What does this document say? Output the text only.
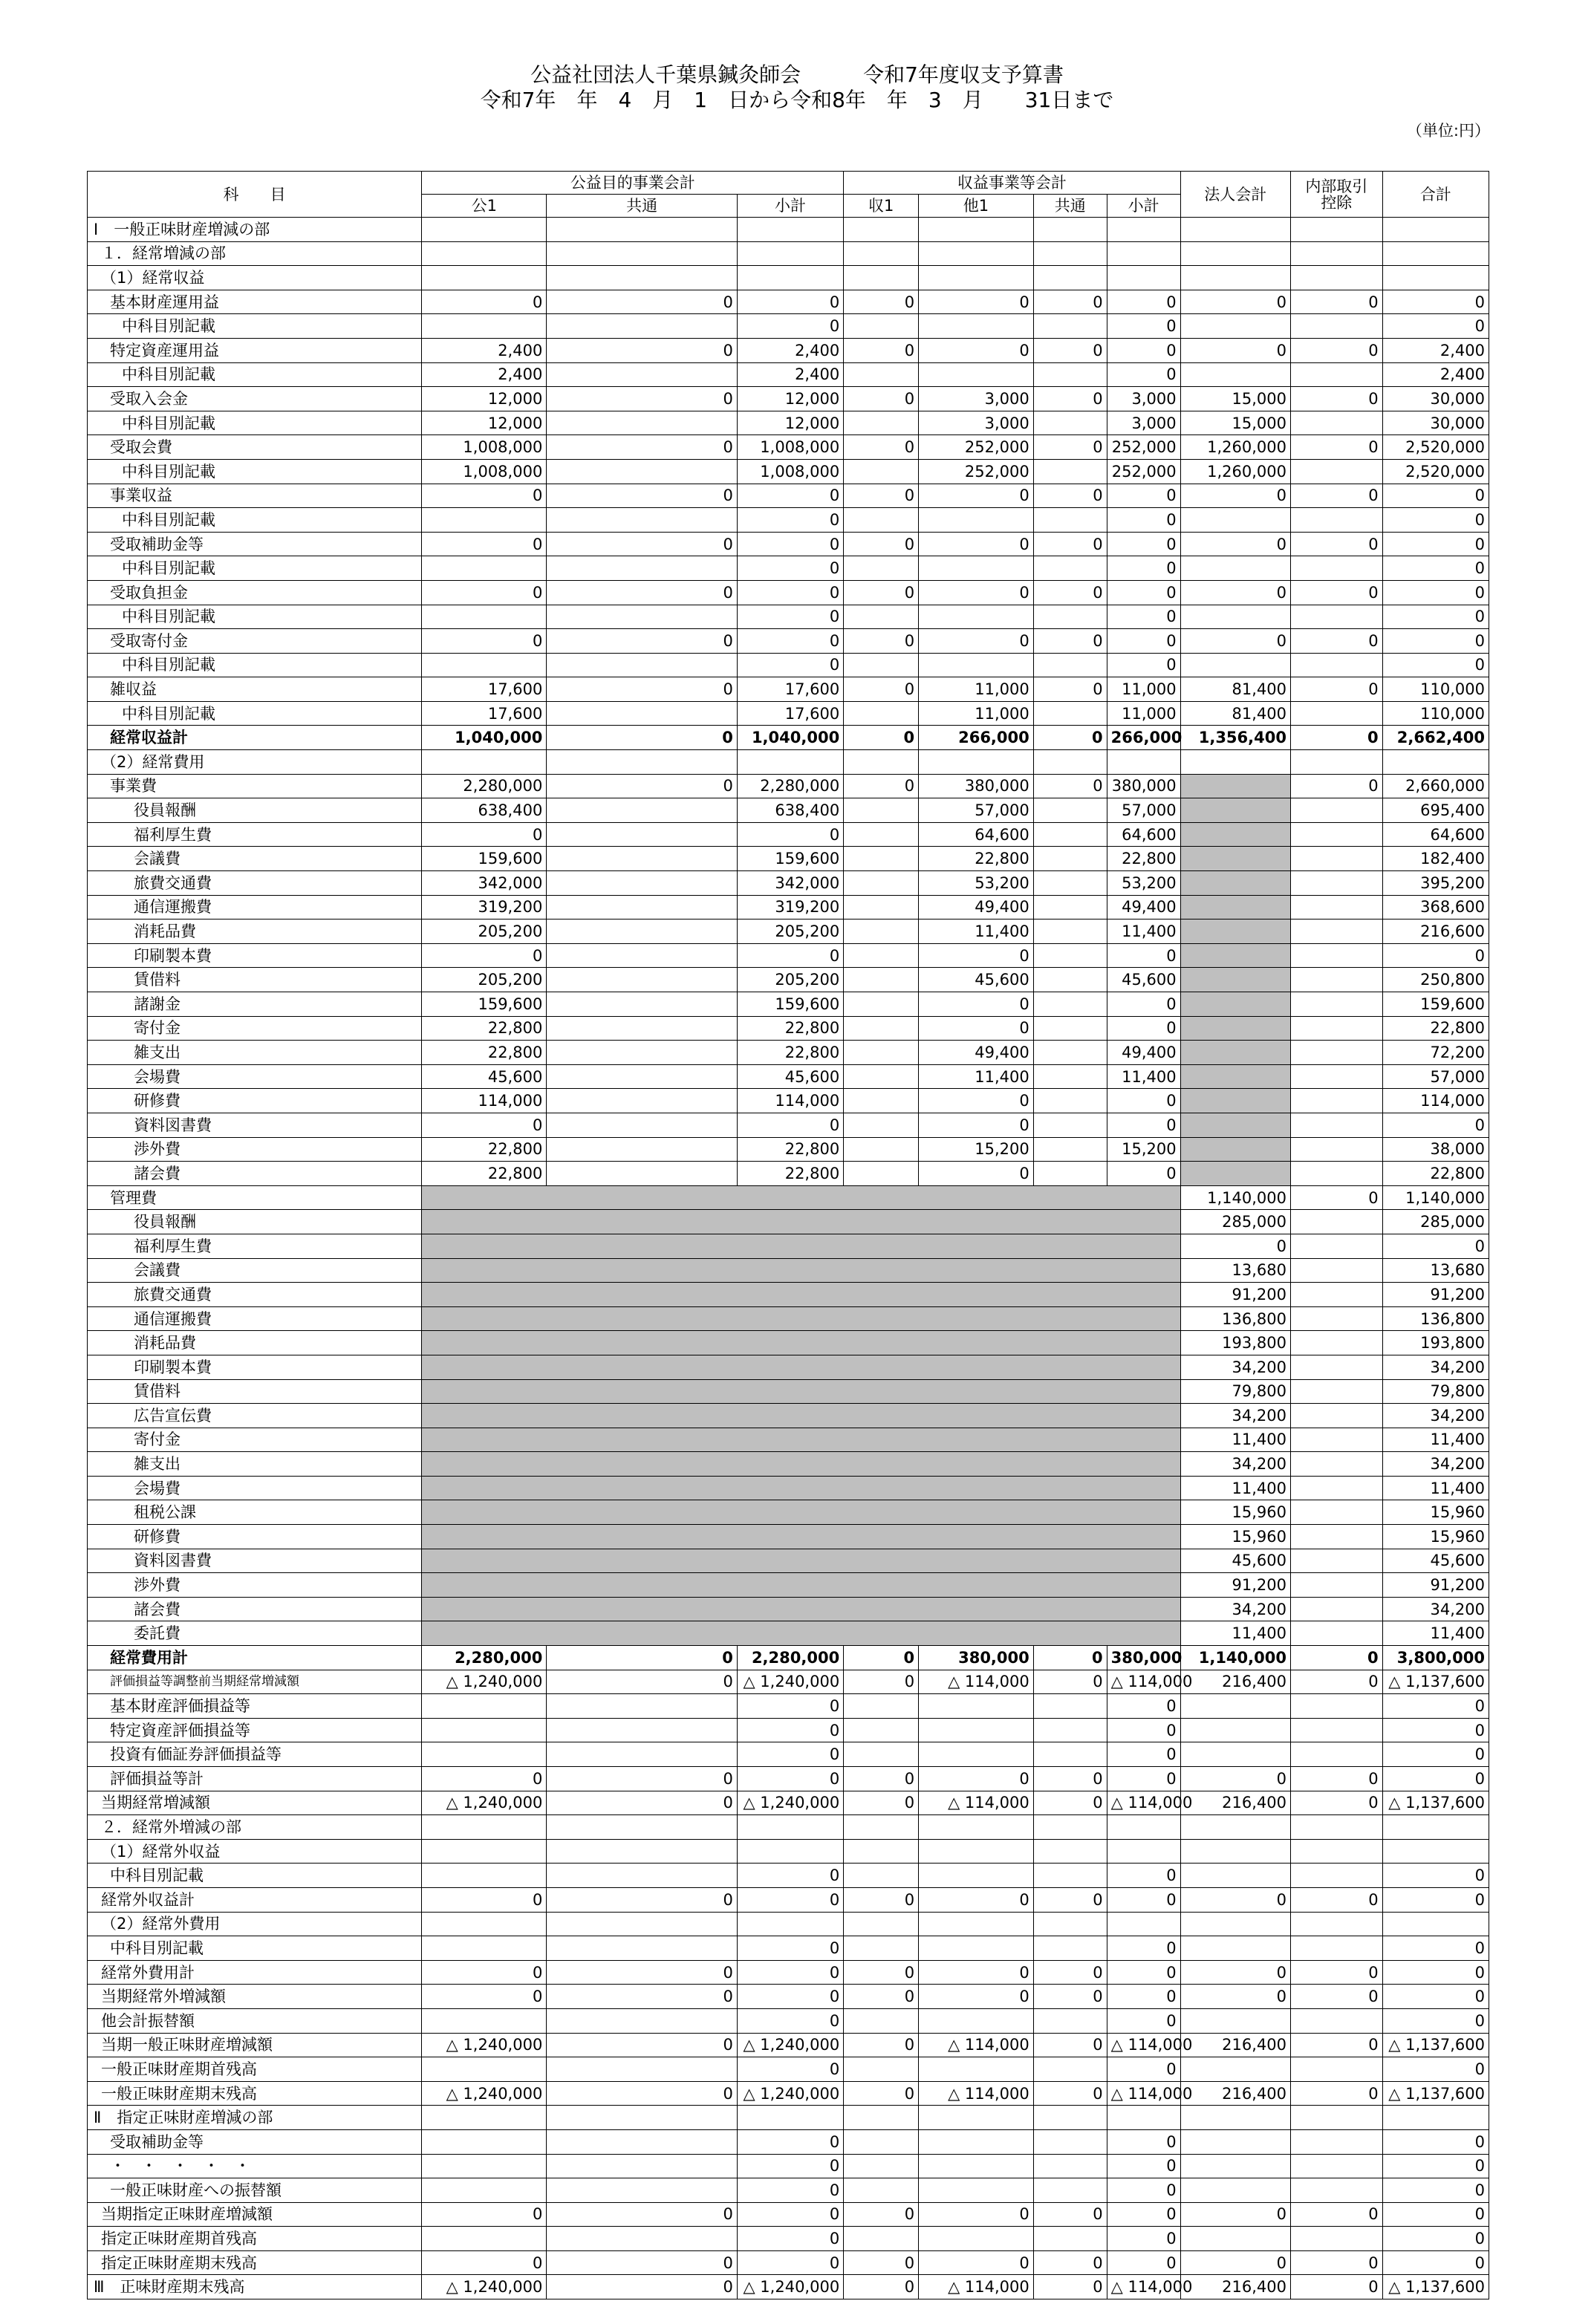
公益社団法人千葉県鍼灸師会　　　令和7年度収支予算書
令和7年　年　4　月　1　日から令和8年　年　3　月　　31日まで
（単位:円）
科　　目	公益目的事業会計			収益事業等会計				法人会計	内部取引控除	合計
	公1	共通	小計	収1	他1	共通	小計			
Ⅰ　一般正味財産増減の部										
１．経常増減の部										
（1）経常収益										
基本財産運用益	0	0	0	0	0	0	0	0	0	0
中科目別記載			0				0			0
特定資産運用益	2,400	0	2,400	0	0	0	0	0	0	2,400
中科目別記載	2,400		2,400				0			2,400
受取入会金	12,000	0	12,000	0	3,000	0	3,000	15,000	0	30,000
中科目別記載	12,000		12,000		3,000		3,000	15,000		30,000
受取会費	1,008,000	0	1,008,000	0	252,000	0	252,000	1,260,000	0	2,520,000
中科目別記載	1,008,000		1,008,000		252,000		252,000	1,260,000		2,520,000
事業収益	0	0	0	0	0	0	0	0	0	0
中科目別記載			0				0			0
受取補助金等	0	0	0	0	0	0	0	0	0	0
中科目別記載			0				0			0
受取負担金	0	0	0	0	0	0	0	0	0	0
中科目別記載			0				0			0
受取寄付金	0	0	0	0	0	0	0	0	0	0
中科目別記載			0				0			0
雑収益	17,600	0	17,600	0	11,000	0	11,000	81,400	0	110,000
中科目別記載	17,600		17,600		11,000		11,000	81,400		110,000
経常収益計	1,040,000	0	1,040,000	0	266,000	0	266,000	1,356,400	0	2,662,400
（2）経常費用										
事業費	2,280,000	0	2,280,000	0	380,000	0	380,000		0	2,660,000
役員報酬	638,400		638,400		57,000		57,000			695,400
福利厚生費	0		0		64,600		64,600			64,600
会議費	159,600		159,600		22,800		22,800			182,400
旅費交通費	342,000		342,000		53,200		53,200			395,200
通信運搬費	319,200		319,200		49,400		49,400			368,600
消耗品費	205,200		205,200		11,400		11,400			216,600
印刷製本費	0		0		0		0			0
賃借料	205,200		205,200		45,600		45,600			250,800
諸謝金	159,600		159,600		0		0			159,600
寄付金	22,800		22,800		0		0			22,800
雑支出	22,800		22,800		49,400		49,400			72,200
会場費	45,600		45,600		11,400		11,400			57,000
研修費	114,000		114,000		0		0			114,000
資料図書費	0		0		0		0			0
渉外費	22,800		22,800		15,200		15,200			38,000
諸会費	22,800		22,800		0		0			22,800
管理費								1,140,000	0	1,140,000
役員報酬								285,000		285,000
福利厚生費								0		0
会議費								13,680		13,680
旅費交通費								91,200		91,200
通信運搬費								136,800		136,800
消耗品費								193,800		193,800
印刷製本費								34,200		34,200
賃借料								79,800		79,800
広告宣伝費								34,200		34,200
寄付金								11,400		11,400
雑支出								34,200		34,200
会場費								11,400		11,400
租税公課								15,960		15,960
研修費								15,960		15,960
資料図書費								45,600		45,600
渉外費								91,200		91,200
諸会費								34,200		34,200
委託費								11,400		11,400
経常費用計	2,280,000	0	2,280,000	0	380,000	0	380,000	1,140,000	0	3,800,000
評価損益等調整前当期経常増減額	△ 1,240,000	0	△ 1,240,000	0	△ 114,000	0	△ 114,000	216,400	0	△ 1,137,600
基本財産評価損益等			0				0			0
特定資産評価損益等			0				0			0
投資有価証券評価損益等			0				0			0
評価損益等計	0	0	0	0	0	0	0	0	0	0
当期経常増減額	△ 1,240,000	0	△ 1,240,000	0	△ 114,000	0	△ 114,000	216,400	0	△ 1,137,600
２．経常外増減の部										
（1）経常外収益										
中科目別記載			0				0			0
経常外収益計	0	0	0	0	0	0	0	0	0	0
（2）経常外費用										
中科目別記載			0				0			0
経常外費用計	0	0	0	0	0	0	0	0	0	0
当期経常外増減額	0	0	0	0	0	0	0	0	0	0
他会計振替額			0				0			0
当期一般正味財産増減額	△ 1,240,000	0	△ 1,240,000	0	△ 114,000	0	△ 114,000	216,400	0	△ 1,137,600
一般正味財産期首残高			0				0			0
一般正味財産期末残高	△ 1,240,000	0	△ 1,240,000	0	△ 114,000	0	△ 114,000	216,400	0	△ 1,137,600
Ⅱ　指定正味財産増減の部										
受取補助金等			0				0			0
・　・　・　・　・			0				0			0
一般正味財産への振替額			0				0			0
当期指定正味財産増減額	0	0	0	0	0	0	0	0	0	0
指定正味財産期首残高			0				0			0
指定正味財産期末残高	0	0	0	0	0	0	0	0	0	0
Ⅲ　正味財産期末残高	△ 1,240,000	0	△ 1,240,000	0	△ 114,000	0	△ 114,000	216,400	0	△ 1,137,600
